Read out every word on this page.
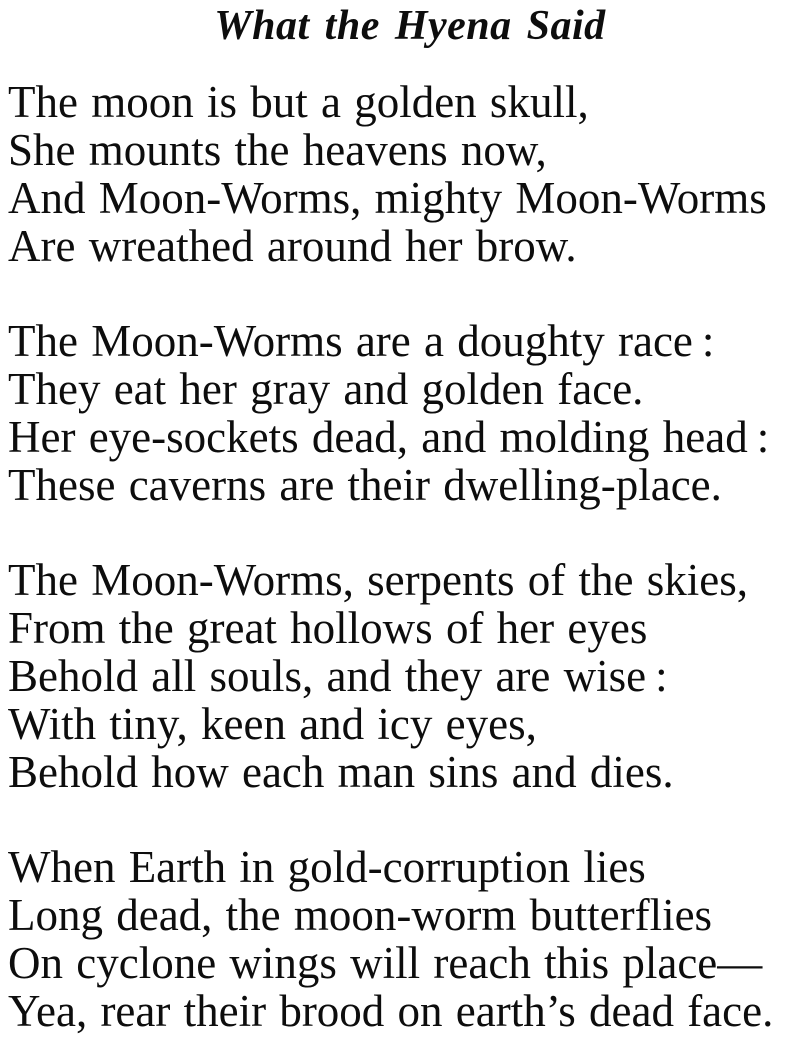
What the Hyena Said

The moon is but a golden skull,

She mounts the heavens now,

And Moon-Worms, mighty Moon-Worms

Are wreathed around her brow.

The Moon-Worms are a doughty race :

They eat her gray and golden face.

Her eye-sockets dead, and molding head :

These caverns are their dwelling-place.

The Moon-Worms, serpents of the skies,

From the great hollows of her eyes

Behold all souls, and they are wise :

With tiny, keen and icy eyes,

Behold how each man sins and dies.

When Earth in gold-corruption lies

Long dead, the moon-worm butterflies

On cyclone wings will reach this place—

Yea, rear their brood on earth’s dead face.
